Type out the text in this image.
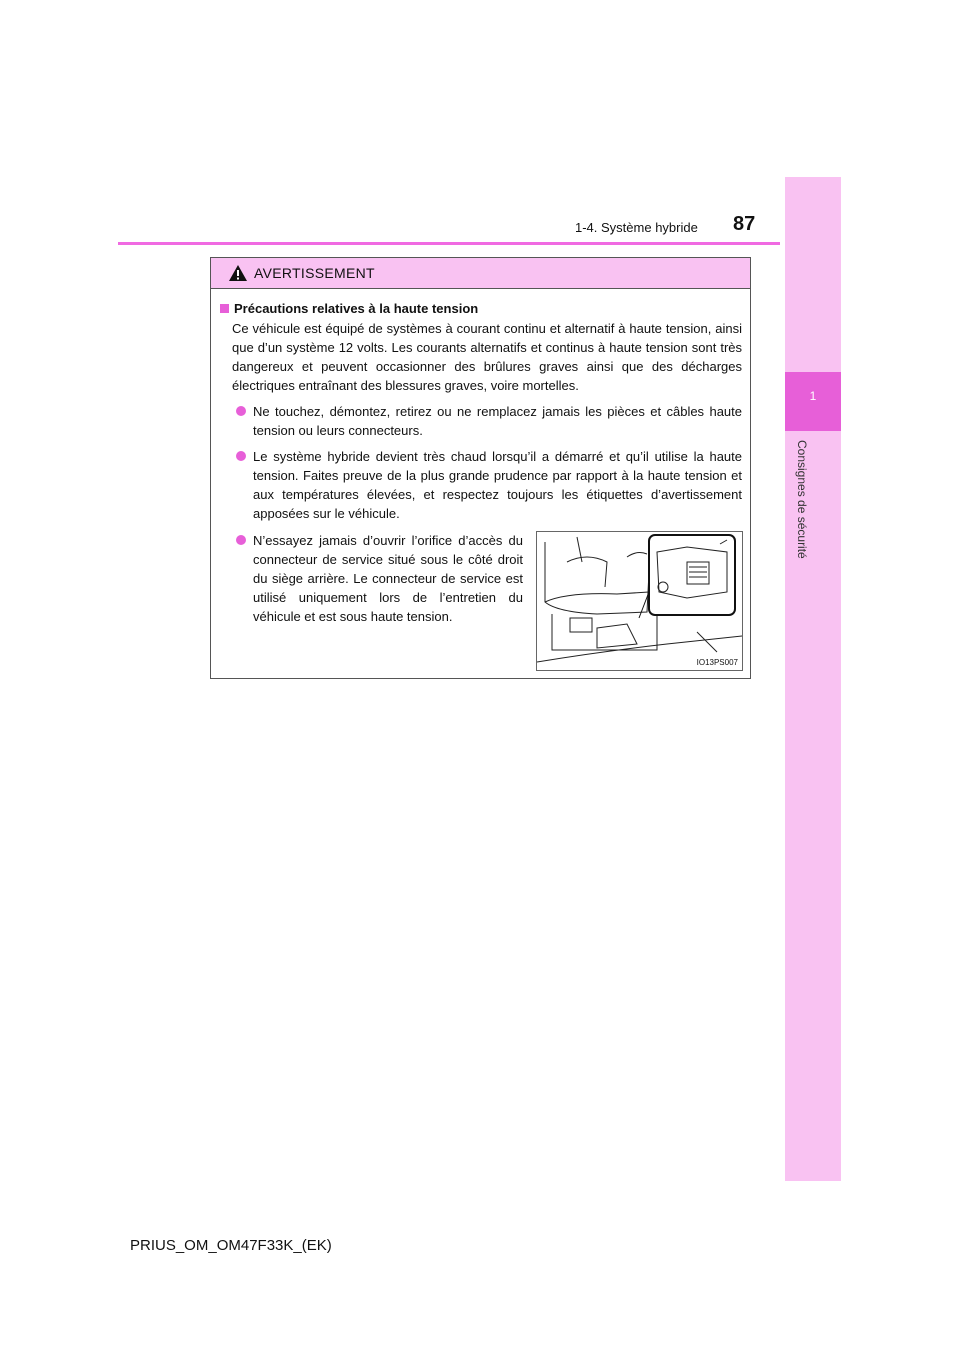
1
Consignes de sécurité
87
1-4. Système hybride
AVERTISSEMENT
Précautions relatives à la haute tension
Ce véhicule est équipé de systèmes à courant continu et alternatif à haute tension, ainsi que d’un système 12 volts. Les courants alternatifs et continus à haute tension sont très dangereux et peuvent occasionner des brûlures graves ainsi que des décharges électriques entraînant des blessures graves, voire mortelles.
Ne touchez, démontez, retirez ou ne remplacez jamais les pièces et câbles haute tension ou leurs connecteurs.
Le système hybride devient très chaud lorsqu’il a démarré et qu’il utilise la haute tension. Faites preuve de la plus grande prudence par rapport à la haute tension et aux températures élevées, et respectez toujours les étiquettes d’avertissement apposées sur le véhicule.
N’essayez jamais d’ouvrir l’orifice d’accès du connecteur de service situé sous le côté droit du siège arrière. Le connecteur de service est utilisé uniquement lors de l’entretien du véhicule et est sous haute tension.
IO13PS007
PRIUS_OM_OM47F33K_(EK)
